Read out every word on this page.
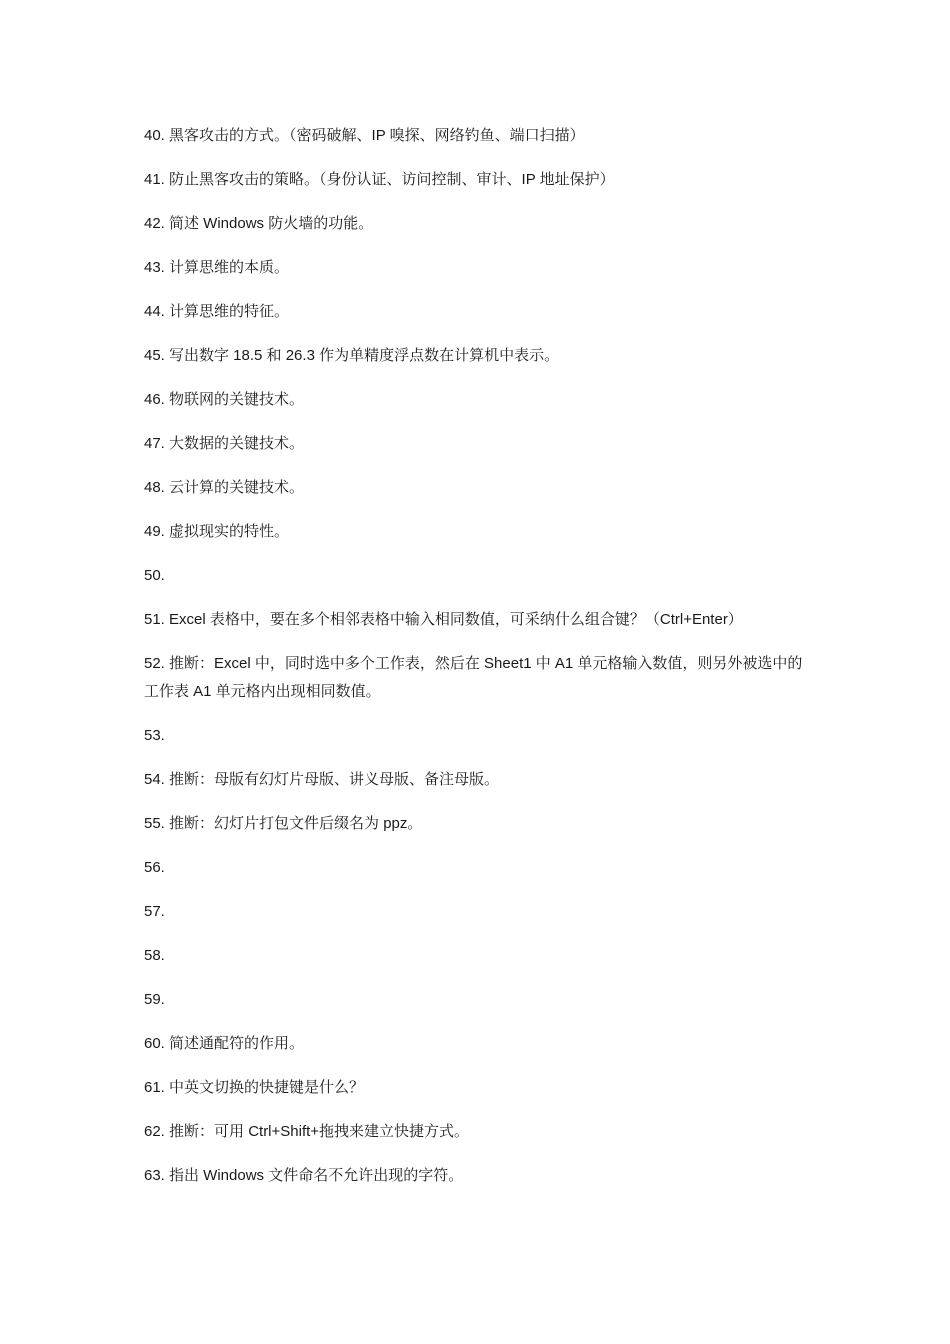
40. 黑客攻击的方式。（密码破解、IP 嗅探、网络钓鱼、端口扫描）

41. 防止黑客攻击的策略。（身份认证、访问控制、审计、IP 地址保护）

42. 简述 Windows 防火墙的功能。

43. 计算思维的本质。

44. 计算思维的特征。

45. 写出数字 18.5 和 26.3 作为单精度浮点数在计算机中表示。

46. 物联网的关键技术。

47. 大数据的关键技术。

48. 云计算的关键技术。

49. 虚拟现实的特性。

50.

51. Excel 表格中，要在多个相邻表格中输入相同数值，可采纳什么组合键？（Ctrl+Enter）

52. 推断：Excel 中，同时选中多个工作表，然后在 Sheet1 中 A1 单元格输入数值，则另外被选中的工作表 A1 单元格内出现相同数值。

53.

54. 推断：母版有幻灯片母版、讲义母版、备注母版。

55. 推断：幻灯片打包文件后缀名为 ppz。

56.

57.

58.

59.

60. 简述通配符的作用。

61. 中英文切换的快捷键是什么？

62. 推断：可用 Ctrl+Shift+拖拽来建立快捷方式。

63. 指出 Windows 文件命名不允许出现的字符。
